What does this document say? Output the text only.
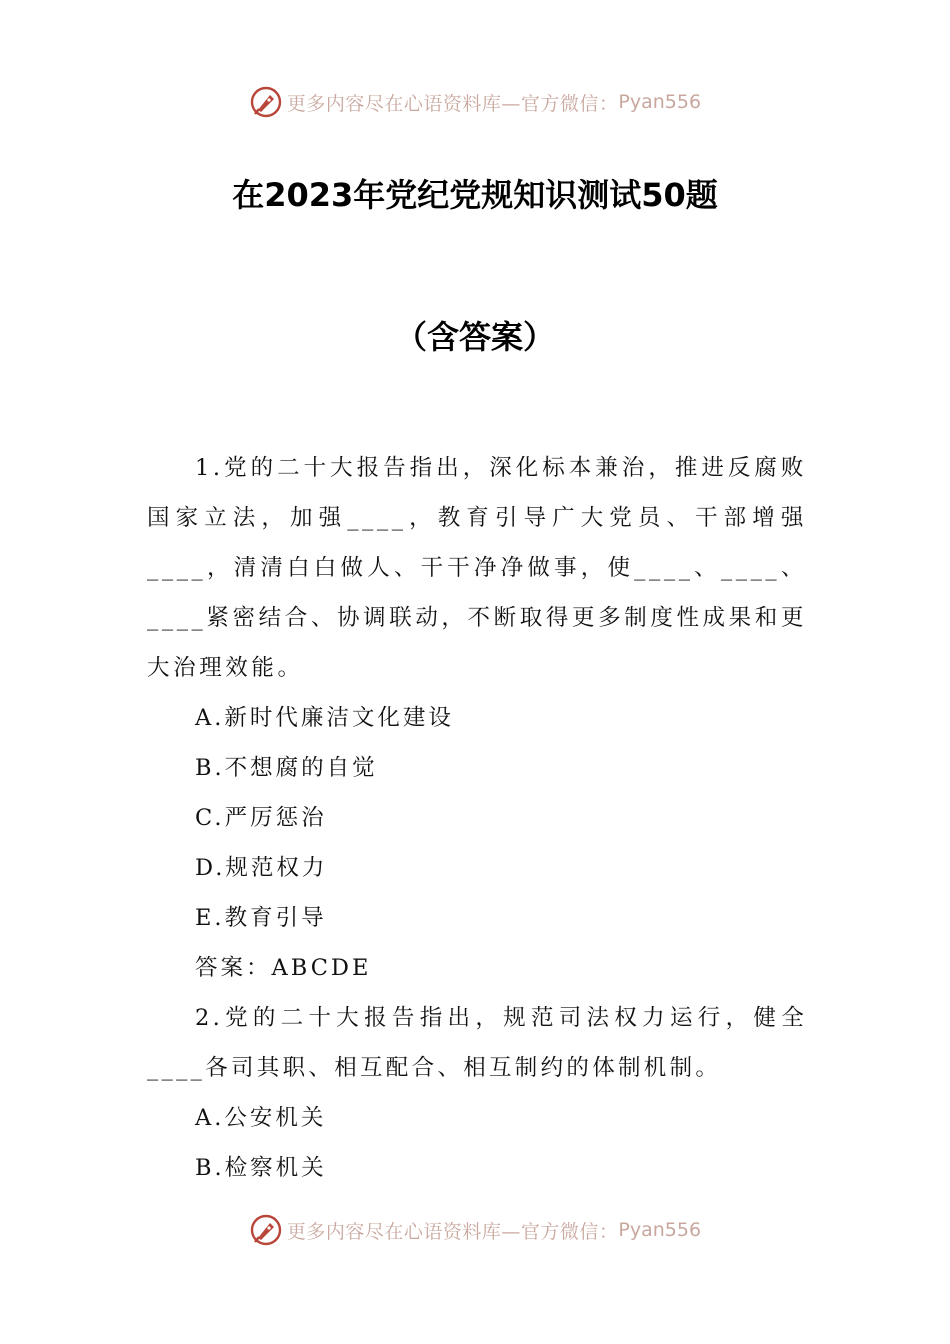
更多内容尽在心语资料库—官方微信： Pyan556
在2023年党纪党规知识测试50题
（含答案）

1.党的二十大报告指出，深化标本兼治，推进反腐败国家立法，加强____，教育引导广大党员、干部增强____，清清白白做人、干干净净做事，使____、____、____紧密结合、协调联动，不断取得更多制度性成果和更大治理效能。

A.新时代廉洁文化建设

B.不想腐的自觉

C.严厉惩治

D.规范权力

E.教育引导

答案：ABCDE

2.党的二十大报告指出，规范司法权力运行，健全____各司其职、相互配合、相互制约的体制机制。

A.公安机关

B.检察机关

更多内容尽在心语资料库—官方微信： Pyan556
